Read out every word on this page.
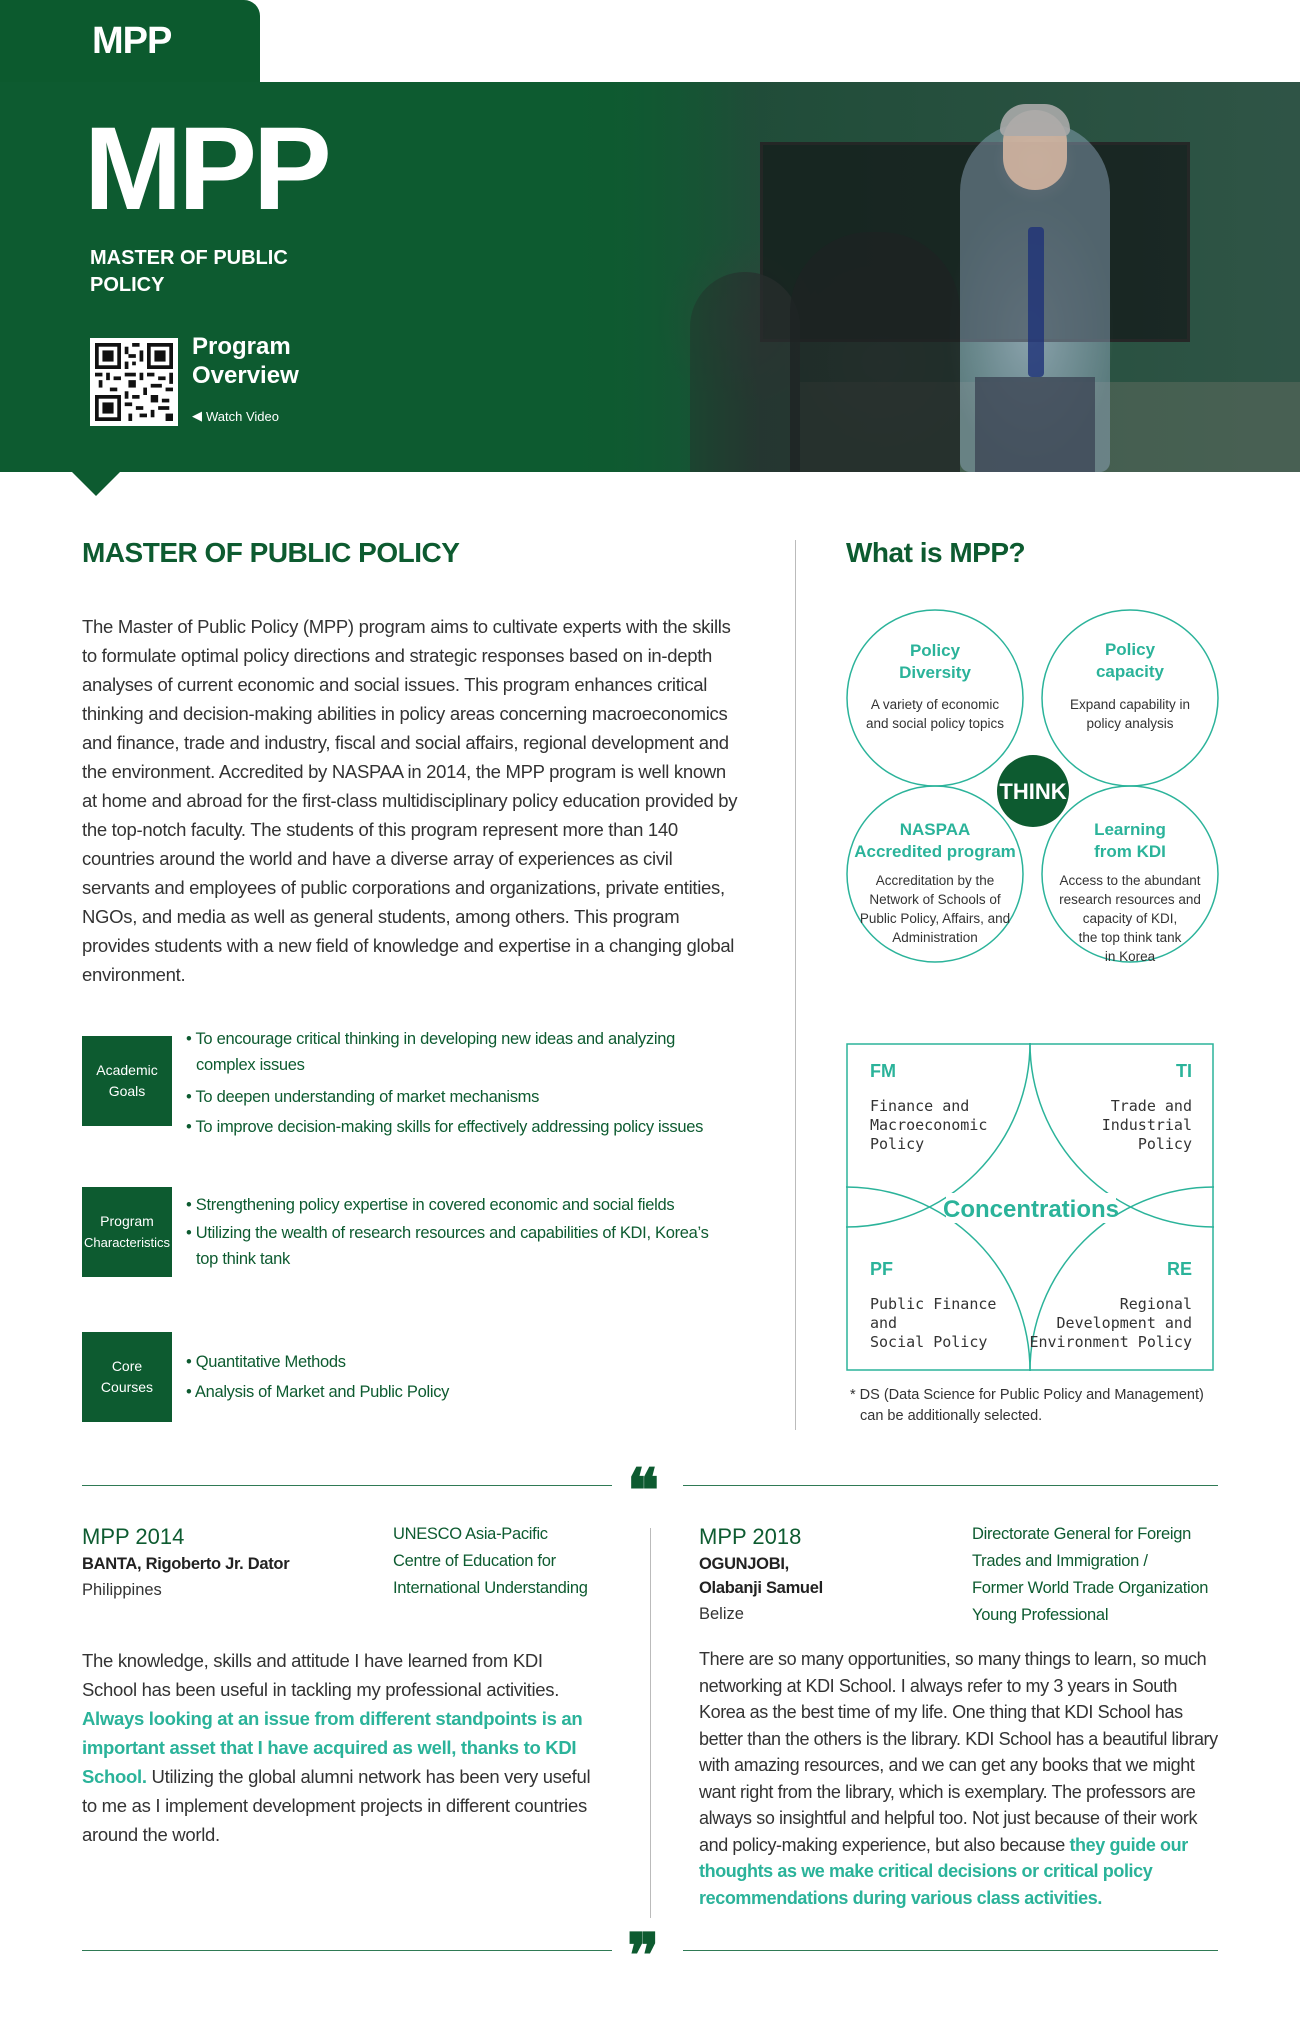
MPP
MPP
MASTER OF PUBLIC POLICY
Program Overview
◀ Watch Video
MASTER OF PUBLIC POLICY
The Master of Public Policy (MPP) program aims to cultivate experts with the skills to formulate optimal policy directions and strategic responses based on in-depth analyses of current economic and social issues. This program enhances critical thinking and decision-making abilities in policy areas concerning macroeconomics and finance, trade and industry, fiscal and social affairs, regional development and the environment. Accredited by NASPAA in 2014, the MPP program is well known at home and abroad for the first-class multidisciplinary policy education provided by the top-notch faculty. The students of this program represent more than 140 countries around the world and have a diverse array of experiences as civil servants and employees of public corporations and organizations, private entities, NGOs, and media as well as general students, among others. This program provides students with a new field of knowledge and expertise in a changing global environment.
Academic
Goals
• To encourage critical thinking in developing new ideas and analyzing complex issues
• To deepen understanding of market mechanisms
• To improve decision-making skills for effectively addressing policy issues
Program
Characteristics
• Strengthening policy expertise in covered economic and social fields
• Utilizing the wealth of research resources and capabilities of KDI, Korea’s top think tank
Core
Courses
• Quantitative Methods
• Analysis of Market and Public Policy
What is MPP?
THINK
Policy
Diversity
A variety of economic
and social policy topics
Policy
capacity
Expand capability in
policy analysis
NASPAA
Accredited program
Accreditation by the
Network of Schools of
Public Policy, Affairs, and
Administration
Learning
from KDI
Access to the abundant
research resources and
capacity of KDI,
the top think tank
in Korea
FM
Finance and
Macroeconomic
Policy
TI
Trade and
Industrial
Policy
PF
Public Finance
and
Social Policy
RE
Regional
Development and
Environment Policy
Concentrations
* DS (Data Science for Public Policy and Management)
can be additionally selected.
❝
MPP 2014
BANTA, Rigoberto Jr. Dator
Philippines
UNESCO Asia-Pacific
Centre of Education for
International Understanding
The knowledge, skills and attitude I have learned from KDI School has been useful in tackling my professional activities. Always looking at an issue from different standpoints is an important asset that I have acquired as well, thanks to KDI School. Utilizing the global alumni network has been very useful to me as I implement development projects in different countries around the world.
MPP 2018
OGUNJOBI,
Olabanji Samuel
Belize
Directorate General for Foreign
Trades and Immigration /
Former World Trade Organization
Young Professional
There are so many opportunities, so many things to learn, so much networking at KDI School. I always refer to my 3 years in South Korea as the best time of my life. One thing that KDI School has better than the others is the library. KDI School has a beautiful library with amazing resources, and we can get any books that we might want right from the library, which is exemplary. The professors are always so insightful and helpful too. Not just because of their work and policy-making experience, but also because they guide our thoughts as we make critical decisions or critical policy recommendations during various class activities.
❞
